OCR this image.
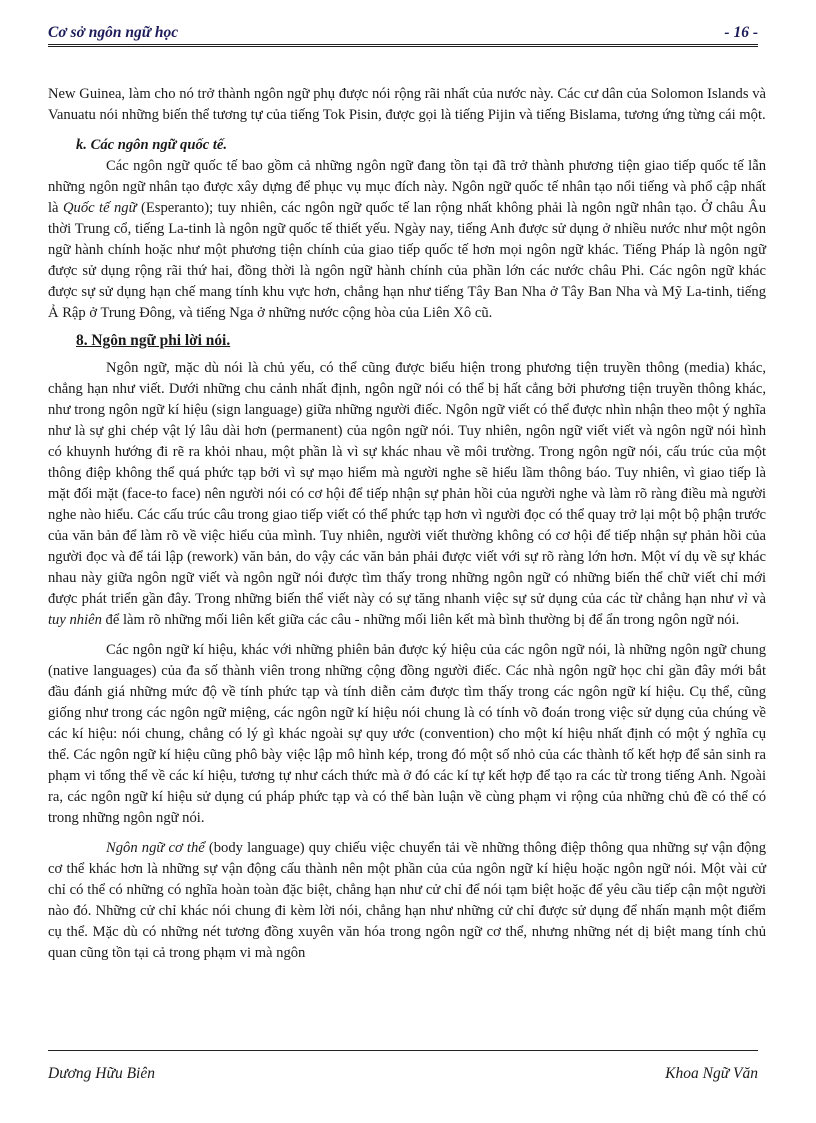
Cơ sở ngôn ngữ học	- 16 -

New Guinea, làm cho nó trở thành ngôn ngữ phụ được nói rộng rãi nhất của nước này. Các cư dân của Solomon Islands và Vanuatu nói những biến thể tương tự của tiếng Tok Pisin, được gọi là tiếng Pijin và tiếng Bislama, tương ứng từng cái một.

k. Các ngôn ngữ quốc tế.

Các ngôn ngữ quốc tế bao gồm cả những ngôn ngữ đang tồn tại đã trở thành phương tiện giao tiếp quốc tế lẫn những ngôn ngữ nhân tạo được xây dựng để phục vụ mục đích này. Ngôn ngữ quốc tế nhân tạo nổi tiếng và phổ cập nhất là Quốc tế ngữ (Esperanto); tuy nhiên, các ngôn ngữ quốc tế lan rộng nhất không phải là ngôn ngữ nhân tạo. Ở châu Âu thời Trung cổ, tiếng La-tinh là ngôn ngữ quốc tế thiết yếu. Ngày nay, tiếng Anh được sử dụng ở nhiều nước như một ngôn ngữ hành chính hoặc như một phương tiện chính của giao tiếp quốc tế hơn mọi ngôn ngữ khác. Tiếng Pháp là ngôn ngữ được sử dụng rộng rãi thứ hai, đồng thời là ngôn ngữ hành chính của phần lớn các nước châu Phi. Các ngôn ngữ khác được sự sử dụng hạn chế mang tính khu vực hơn, chẳng hạn như tiếng Tây Ban Nha ở Tây Ban Nha và Mỹ La-tinh, tiếng Ả Rập ở Trung Đông, và tiếng Nga ở những nước cộng hòa của Liên Xô cũ.

8. Ngôn ngữ phi lời nói.

Ngôn ngữ, mặc dù nói là chủ yếu, có thể cũng được biểu hiện trong phương tiện truyền thông (media) khác, chẳng hạn như viết. Dưới những chu cảnh nhất định, ngôn ngữ nói có thể bị hất cẳng bởi phương tiện truyền thông khác, như trong ngôn ngữ kí hiệu (sign language) giữa những người điếc. Ngôn ngữ viết có thể được nhìn nhận theo một ý nghĩa như là sự ghi chép vật lý lâu dài hơn (permanent) của ngôn ngữ nói. Tuy nhiên, ngôn ngữ viết viết và ngôn ngữ nói hình có khuynh hướng đi rẽ ra khỏi nhau, một phần là vì sự khác nhau về môi trường. Trong ngôn ngữ nói, cấu trúc của một thông điệp không thể quá phức tạp bởi vì sự mạo hiểm mà người nghe sẽ hiểu lầm thông báo. Tuy nhiên, vì giao tiếp là mặt đối mặt (face-to face) nên người nói có cơ hội để tiếp nhận sự phản hồi của người nghe và làm rõ ràng điều mà người nghe nào hiểu. Các cấu trúc câu trong giao tiếp viết có thể phức tạp hơn vì người đọc có thể quay trở lại một bộ phận trước của văn bản để làm rõ về việc hiểu của mình. Tuy nhiên, người viết thường không có cơ hội để tiếp nhận sự phản hồi của người đọc và để tái lập (rework) văn bản, do vậy các văn bản phải được viết với sự rõ ràng lớn hơn. Một ví dụ về sự khác nhau này giữa ngôn ngữ viết và ngôn ngữ nói được tìm thấy trong những ngôn ngữ có những biến thể chữ viết chỉ mới được phát triển gần đây. Trong những biến thể viết này có sự tăng nhanh việc sự sử dụng của các từ chẳng hạn như vì và tuy nhiên để làm rõ những mối liên kết giữa các câu - những mối liên kết mà bình thường bị để ẩn trong ngôn ngữ nói.

Các ngôn ngữ kí hiệu, khác với những phiên bản được ký hiệu của các ngôn ngữ nói, là những ngôn ngữ chung (native languages) của đa số thành viên trong những cộng đồng người điếc. Các nhà ngôn ngữ học chỉ gần đây mới bắt đầu đánh giá những mức độ về tính phức tạp và tính diễn cảm được tìm thấy trong các ngôn ngữ kí hiệu. Cụ thể, cũng giống như trong các ngôn ngữ miệng, các ngôn ngữ kí hiệu nói chung là có tính võ đoán trong việc sử dụng của chúng về các kí hiệu: nói chung, chẳng có lý gì khác ngoài sự quy ước (convention) cho một kí hiệu nhất định có một ý nghĩa cụ thể. Các ngôn ngữ kí hiệu cũng phô bày việc lập mô hình kép, trong đó một số nhỏ của các thành tố kết hợp để sản sinh ra phạm vi tổng thể về các kí hiệu, tương tự như cách thức mà ở đó các kí tự kết hợp để tạo ra các từ trong tiếng Anh. Ngoài ra, các ngôn ngữ kí hiệu sử dụng cú pháp phức tạp và có thể bàn luận về cùng phạm vi rộng của những chủ đề có thể có trong những ngôn ngữ nói.

Ngôn ngữ cơ thể (body language) quy chiếu việc chuyển tải về những thông điệp thông qua những sự vận động cơ thể khác hơn là những sự vận động cấu thành nên một phần của của ngôn ngữ kí hiệu hoặc ngôn ngữ nói. Một vài cử chỉ có thể có những có nghĩa hoàn toàn đặc biệt, chẳng hạn như cử chỉ để nói tạm biệt hoặc để yêu cầu tiếp cận một người nào đó. Những cử chỉ khác nói chung đi kèm lời nói, chẳng hạn như những cử chỉ được sử dụng để nhấn mạnh một điểm cụ thể. Mặc dù có những nét tương đồng xuyên văn hóa trong ngôn ngữ cơ thể, nhưng những nét dị biệt mang tính chủ quan cũng tồn tại cả trong phạm vi mà ngôn

Dương Hữu Biên	Khoa Ngữ Văn
